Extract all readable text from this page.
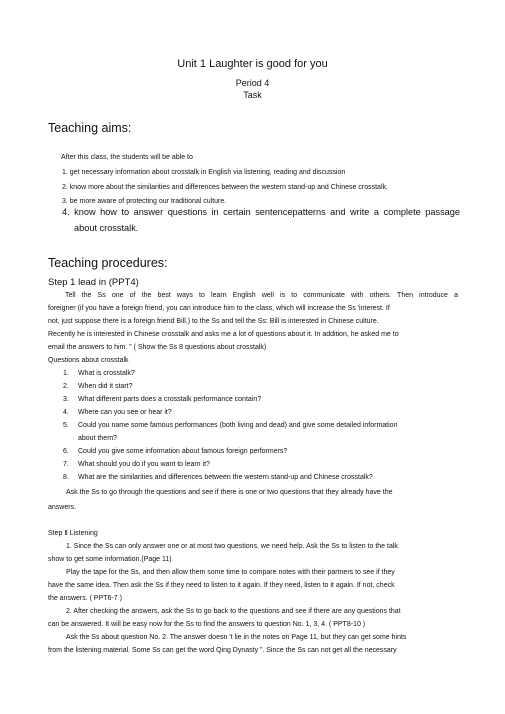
Unit 1 Laughter is good for you
Period 4
Task
Teaching aims:
After this class, the students will be able to
1. get necessary information about crosstalk in English via listening, reading and discussion
2. know more about the similarities and differences between the western stand-up and Chinese crosstalk.
3. be more aware of protecting our traditional culture.
4. know how to answer questions in certain sentencepatterns and write a complete passage
about crosstalk.
Teaching procedures:
Step 1 lead in (PPT4)
Tell the Ss one of the best ways to learn English well is to communicate with others. Then introduce a
foreigner (if you have a foreign friend, you can introduce him to the class, which will increase the Ss 'interest. If
not, just suppose there is a foreign friend Bill.) to the Ss and tell the Ss: Bill is interested in Chinese culture.
Recently he is interested in Chinese crosstalk and asks me a lot of questions about it. In addition, he asked me to
email the answers to him. ” ( Show the Ss 8 questions about crosstalk)
Questions about crosstalk
1. What is crosstalk?
2. When did it start?
3. What different parts does a crosstalk performance contain?
4. Where can you see or hear it?
5. Could you name some famous performances (both living and dead) and give some detailed information
about them?
6. Could you give some information about famous foreign performers?
7. What should you do if you want to learn it?
8. What are the similarities and differences between the western stand-up and Chinese crosstalk?
Ask the Ss to go through the questions and see if there is one or two questions that they already have the
answers.
Step Ⅱ Listening
1. Since the Ss can only answer one or at most two questions, we need help. Ask the Ss to listen to the talk
show to get some information.(Page 11)
Play the tape for the Ss, and then allow them some time to compare notes with their partners to see if they
have the same idea. Then ask the Ss if they need to listen to it again. If they need, listen to it again. If not, check
the answers. ( PPT6-7 )
2. After checking the answers, ask the Ss to go back to the questions and see if there are any questions that
can be answered. It will be easy now for the Ss to find the answers to question No. 1, 3, 4. ( PPT8-10 )
Ask the Ss about question No. 2. The answer doesn 't lie in the notes on Page 11, but they can get some hints
from the listening material. Some Ss can get the word Qing Dynasty ”. Since the Ss can not get all the necessary
